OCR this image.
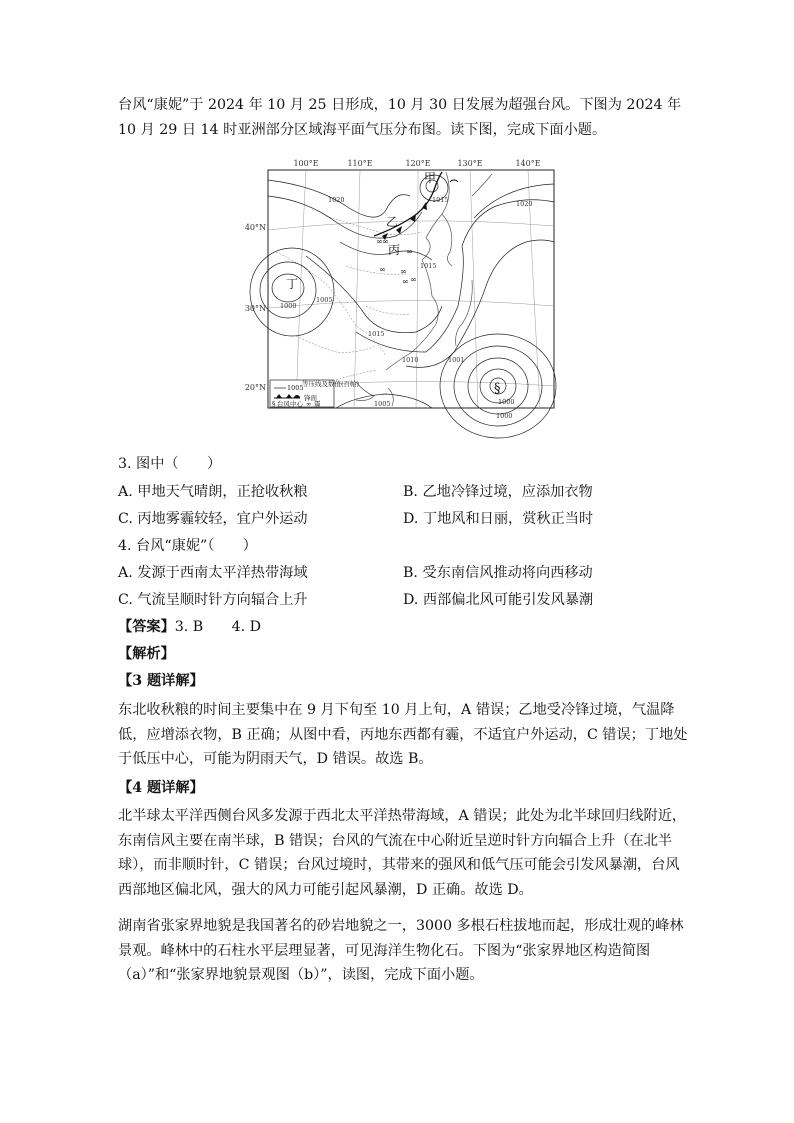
台风“康妮”于 2024 年 10 月 25 日形成，10 月 30 日发展为超强台风。下图为 2024 年 10 月 29 日 14 时亚洲部分区域海平面气压分布图。读下图，完成下面小题。

100°E	110°E	120°E	130°E	140°E
40°N
30°N
20°N
∞ ∞
∞ ∞
∞
∞ ∞
§
1020	1015
1015
1020
1005
1000
1015
1010
1005	1000
1001
1000
甲
乙
丙
丁
1005
等压线及数值(百帕)
锋面
§ 台风中心 ∞ 霾
3. 图中（　　）
A. 甲地天气晴朗，正抢收秋粮	B. 乙地冷锋过境，应添加衣物
C. 丙地雾霾较轻，宜户外运动	D. 丁地风和日丽，赏秋正当时
4. 台风“康妮”（　　）
A. 发源于西南太平洋热带海域	B. 受东南信风推动将向西移动
C. 气流呈顺时针方向辐合上升	D. 西部偏北风可能引发风暴潮
【答案】3. B　　4. D
【解析】
【3 题详解】

东北收秋粮的时间主要集中在 9 月下旬至 10 月上旬，A 错误；乙地受冷锋过境，气温降低，应增添衣物，B 正确；从图中看，丙地东西都有霾，不适宜户外运动，C 错误；丁地处于低压中心，可能为阴雨天气，D 错误。故选 B。

【4 题详解】

北半球太平洋西侧台风多发源于西北太平洋热带海域，A 错误；此处为北半球回归线附近，东南信风主要在南半球，B 错误；台风的气流在中心附近呈逆时针方向辐合上升（在北半球），而非顺时针，C 错误；台风过境时，其带来的强风和低气压可能会引发风暴潮，台风西部地区偏北风，强大的风力可能引起风暴潮，D 正确。故选 D。

湖南省张家界地貌是我国著名的砂岩地貌之一，3000 多根石柱拔地而起，形成壮观的峰林景观。峰林中的石柱水平层理显著，可见海洋生物化石。下图为“张家界地区构造简图（a）”和“张家界地貌景观图（b）”，读图，完成下面小题。
